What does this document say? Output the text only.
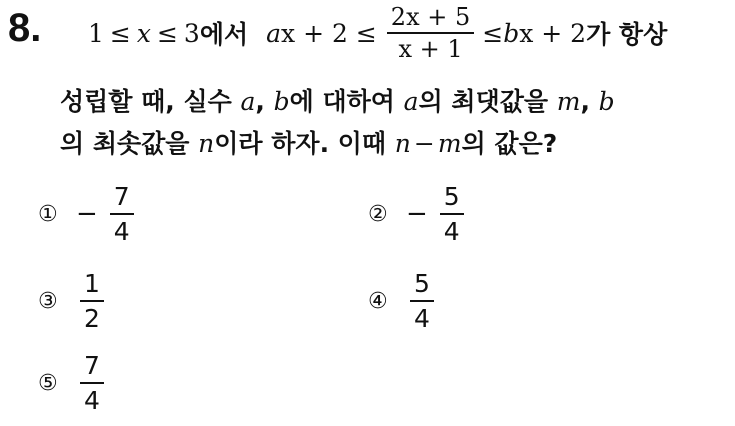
8. 1 ≤ x ≤ 3 에서 a $x + 2 \le \frac{2x + 5}{x + 1} \le b$ x + 2 가 항상
성립할 때, 실수 a, b에 대하여 a의 최댓값을 m, b
의 최솟값을 n이라 하자. 이때 n − m의 값은?
① − $\frac{7}{4}$	② − $\frac{5}{4}$
③ $\frac{1}{2}$	④ $\frac{5}{4}$
⑤ $\frac{7}{4}$
